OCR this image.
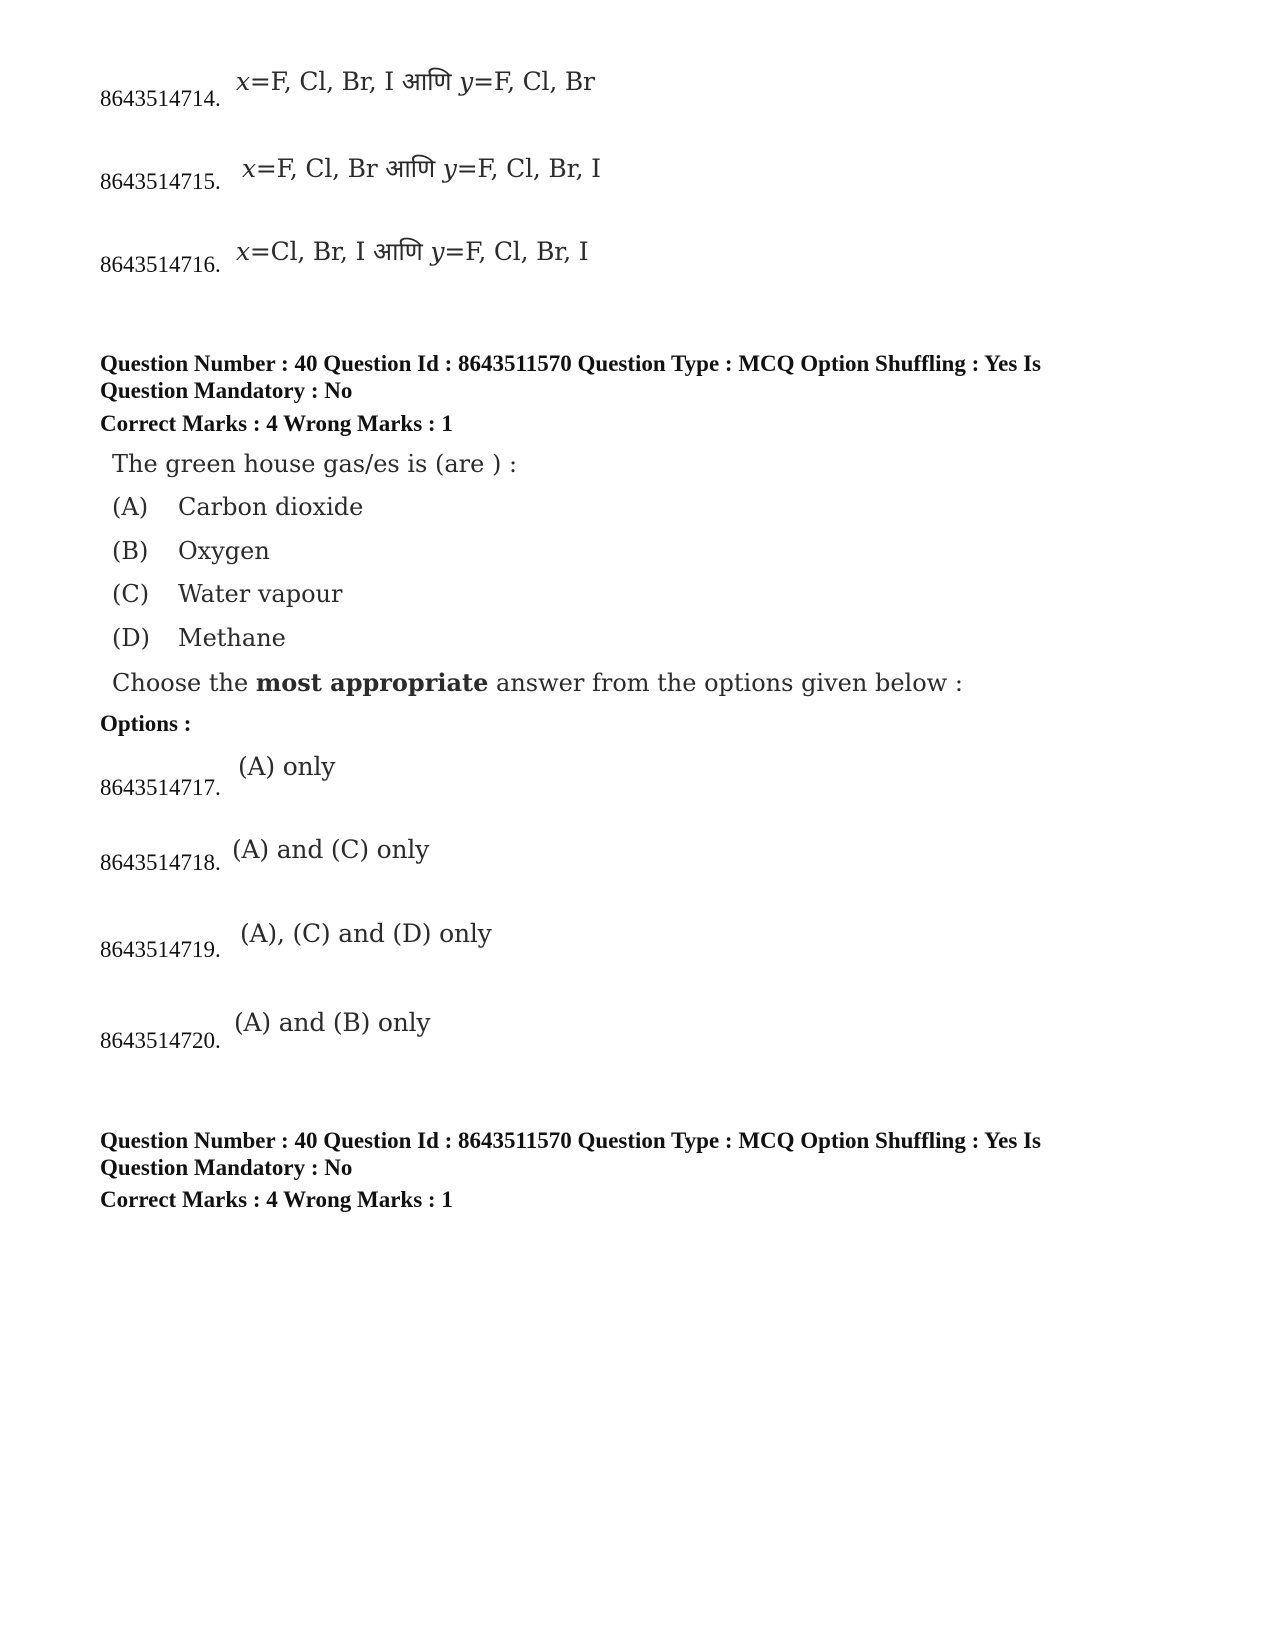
8643514714.
x=F, Cl, Br, I आणि y=F, Cl, Br
8643514715. x=F, Cl, Br आणि y=F, Cl, Br, I
8643514716. x=Cl, Br, I आणि y=F, Cl, Br, I
Question Number : 40 Question Id : 8643511570 Question Type : MCQ Option Shuffling : Yes Is
Question Mandatory : No
Correct Marks : 4 Wrong Marks : 1
The green house gas/es is (are ) :
(A) Carbon dioxide
(B) Oxygen
(C) Water vapour
(D) Methane
Choose the most appropriate answer from the options given below :
Options :
8643514717.
(A) only
8643514718. (A) and (C) only
8643514719.
(A), (C) and (D) only
8643514720.
(A) and (B) only
Question Number : 40 Question Id : 8643511570 Question Type : MCQ Option Shuffling : Yes Is
Question Mandatory : No
Correct Marks : 4 Wrong Marks : 1
